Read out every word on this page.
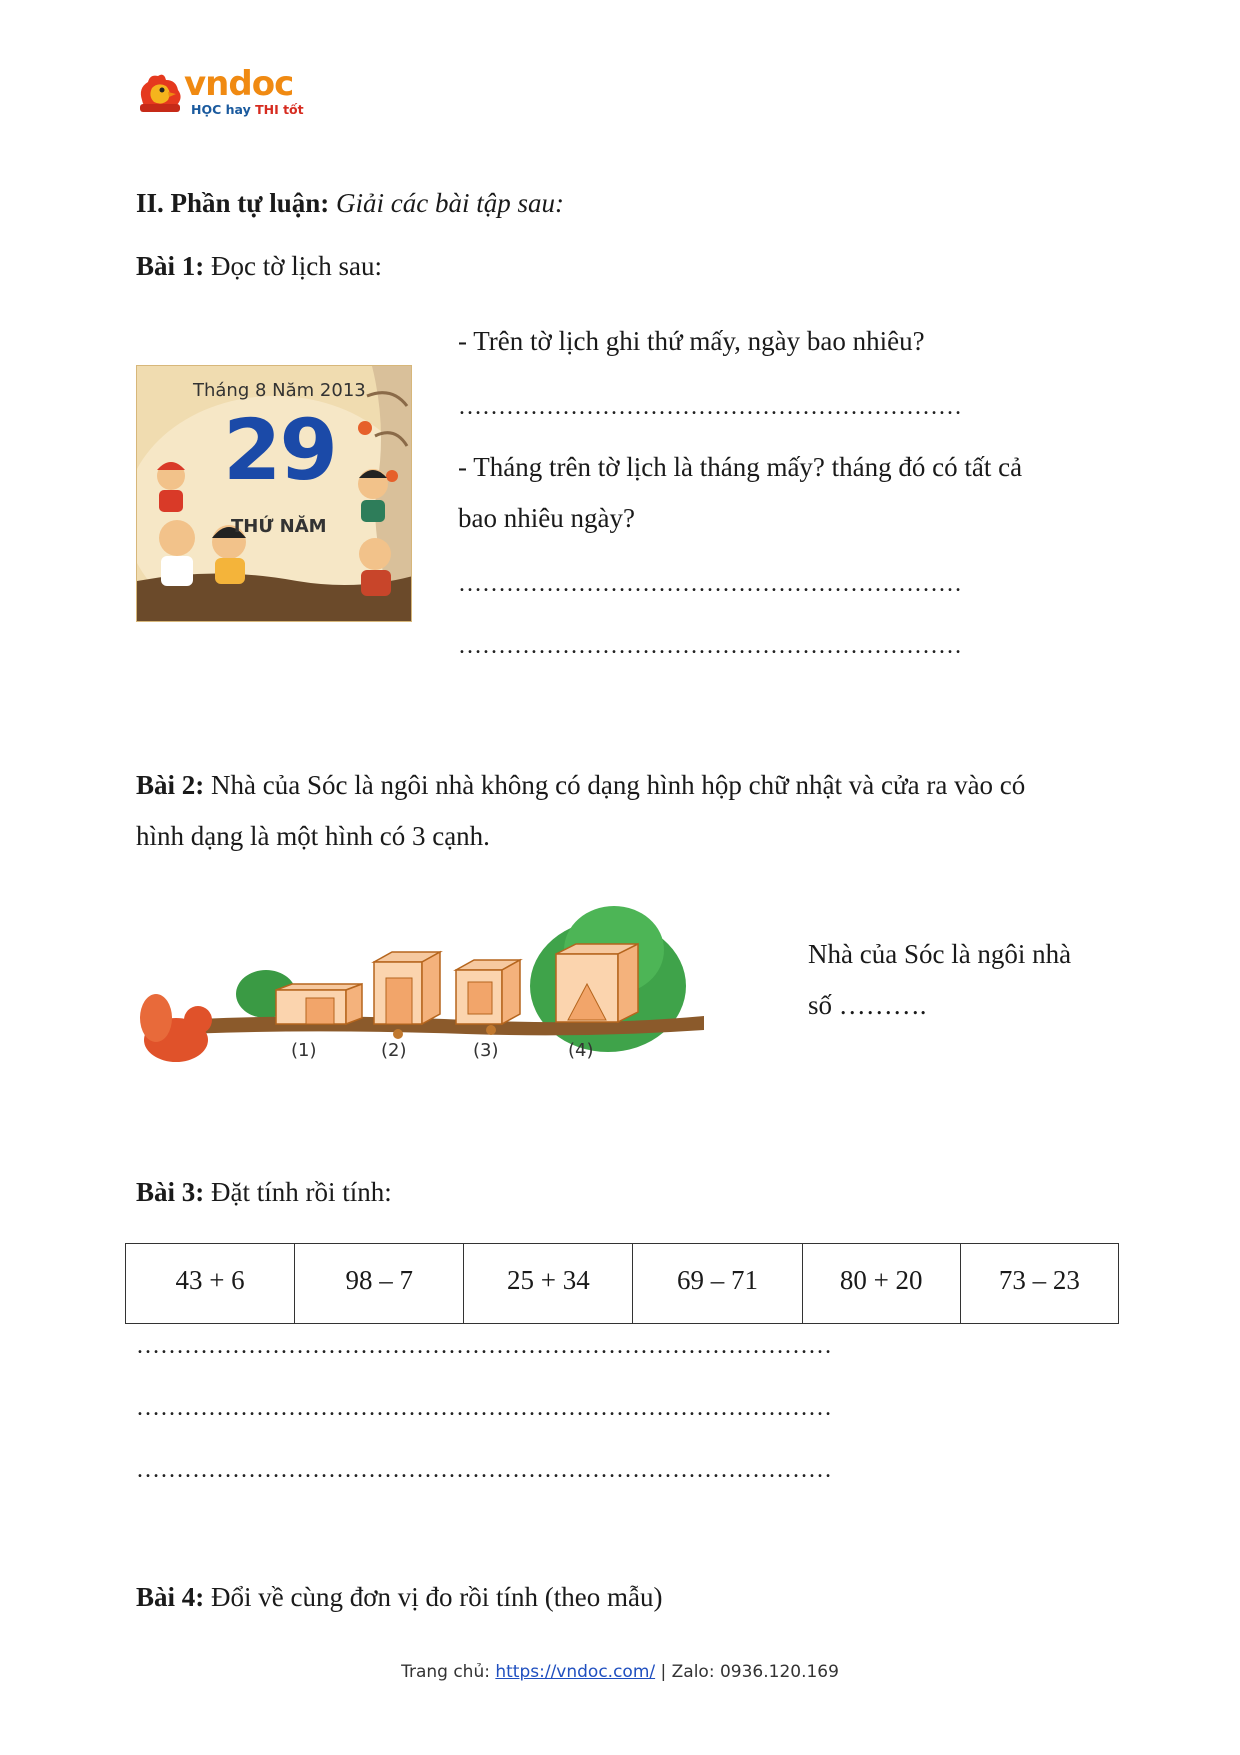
vndoc
HỌC hay THI tốt
II. Phần tự luận: Giải các bài tập sau:
Bài 1: Đọc tờ lịch sau:
Tháng 8 Năm 2013
29
THỨ NĂM
- Trên tờ lịch ghi thứ mấy, ngày bao nhiêu?
………………………………………………………
- Tháng trên tờ lịch là tháng mấy? tháng đó có tất cả
bao nhiêu ngày?
………………………………………………………
………………………………………………………
Bài 2: Nhà của Sóc là ngôi nhà không có dạng hình hộp chữ nhật và cửa ra vào có
hình dạng là một hình có 3 cạnh.
(1)	(2)	(3)	(4)
Nhà của Sóc là ngôi nhà
số ……….
Bài 3: Đặt tính rồi tính:
43 + 6	98 – 7	25 + 34	69 – 71	80 + 20	73 – 23
……………………………………………………………………………
……………………………………………………………………………
……………………………………………………………………………
Bài 4: Đổi về cùng đơn vị đo rồi tính (theo mẫu)
Trang chủ: https://vndoc.com/ | Zalo: 0936.120.169
